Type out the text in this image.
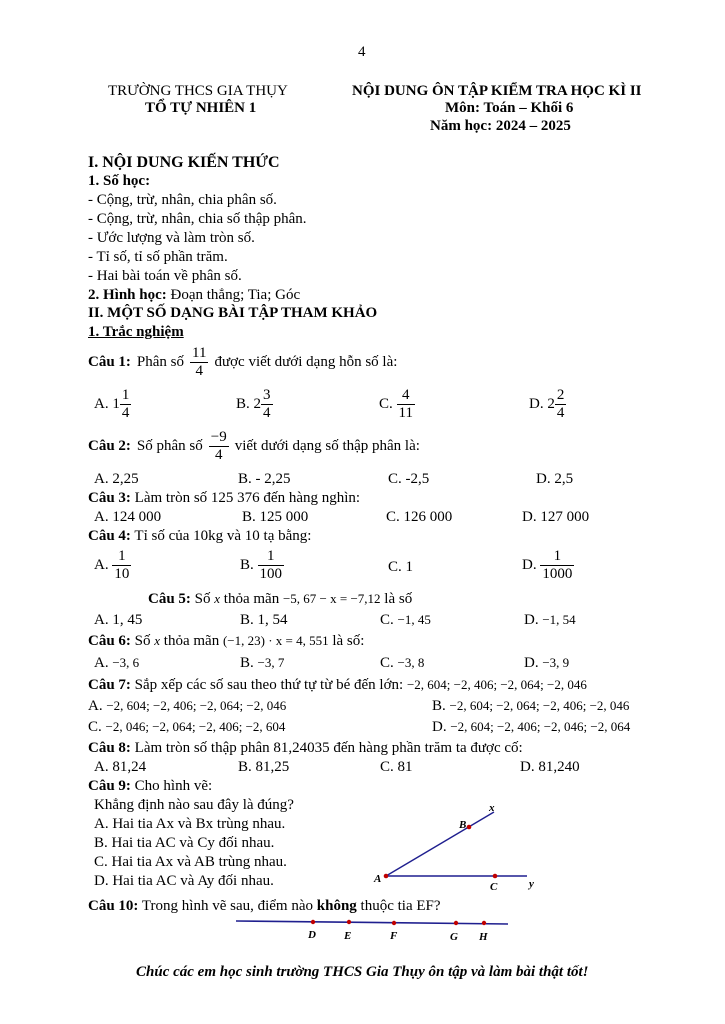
4
TRƯỜNG THCS GIA THỤY
TỔ TỰ NHIÊN 1
NỘI DUNG ÔN TẬP KIỂM TRA HỌC KÌ II
Môn: Toán – Khối 6
Năm học: 2024 – 2025
I. NỘI DUNG KIẾN THỨC
1. Số học:
- Cộng, trừ, nhân, chia phân số.
- Cộng, trừ, nhân, chia số thập phân.
- Ước lượng và làm tròn số.
- Tỉ số, tỉ số phần trăm.
- Hai bài toán về phân số.
2. Hình học: Đoạn thẳng; Tia; Góc
II. MỘT SỐ DẠNG BÀI TẬP THAM KHẢO
1. Trắc nghiệm
Câu 1: Phân số $\frac{11}{4}$ được viết dưới dạng hỗn số là:
A.
$1 \frac{1}{4}$	B.
$2 \frac{3}{4}$	C.
$\frac{4}{11}$	D.
$2 \frac{2}{4}$
Câu 2: Số phân số $\frac{-9}{4}$ viết dưới dạng số thập phân là:
A. 2,25	B. - 2,25	C. -2,5	D. 2,5
Câu 3: Làm tròn số 125 376 đến hàng nghìn:
A. 124 000	B. 125 000	C. 126 000	D. 127 000
Câu 4: Tỉ số của 10kg và 10 tạ bằng:
A.
$\frac{1}{10}$	B.
$\frac{1}{100}$	C. 1	D.
$\frac{1}{1000}$
Câu 5: Số x thỏa mãn −5, 67 − x = −7,12 là số
A. 1, 45	B. 1, 54	C. −1, 45	D. −1, 54
Câu 6: Số x thỏa mãn (−1, 23) · x = 4, 551 là số:
A. −3, 6	B. −3, 7	C. −3, 8	D. −3, 9
Câu 7: Sắp xếp các số sau theo thứ tự từ bé đến lớn: −2, 604; −2, 406; −2, 064; −2, 046
A. −2, 604; −2, 406; −2, 064; −2, 046	B. −2, 604; −2, 064; −2, 406; −2, 046
C. −2, 046; −2, 064; −2, 406; −2, 604	D. −2, 604; −2, 406; −2, 046; −2, 064
Câu 8: Làm tròn số thập phân 81,24035 đến hàng phần trăm ta được cố:
A. 81,24	B. 81,25	C. 81	D. 81,240
Câu 9: Cho hình vẽ:
Khẳng định nào sau đây là đúng?
A. Hai tia Ax và Bx trùng nhau.
B. Hai tia AC và Cy đối nhau.
C. Hai tia Ax và AB trùng nhau.
D. Hai tia AC và Ay đối nhau.	A
B
C
x
y
Câu 10: Trong hình vẽ sau, điểm nào không thuộc tia EF?
D	E	F	G H
Chúc các em học sinh trường THCS Gia Thụy ôn tập và làm bài thật tốt!
